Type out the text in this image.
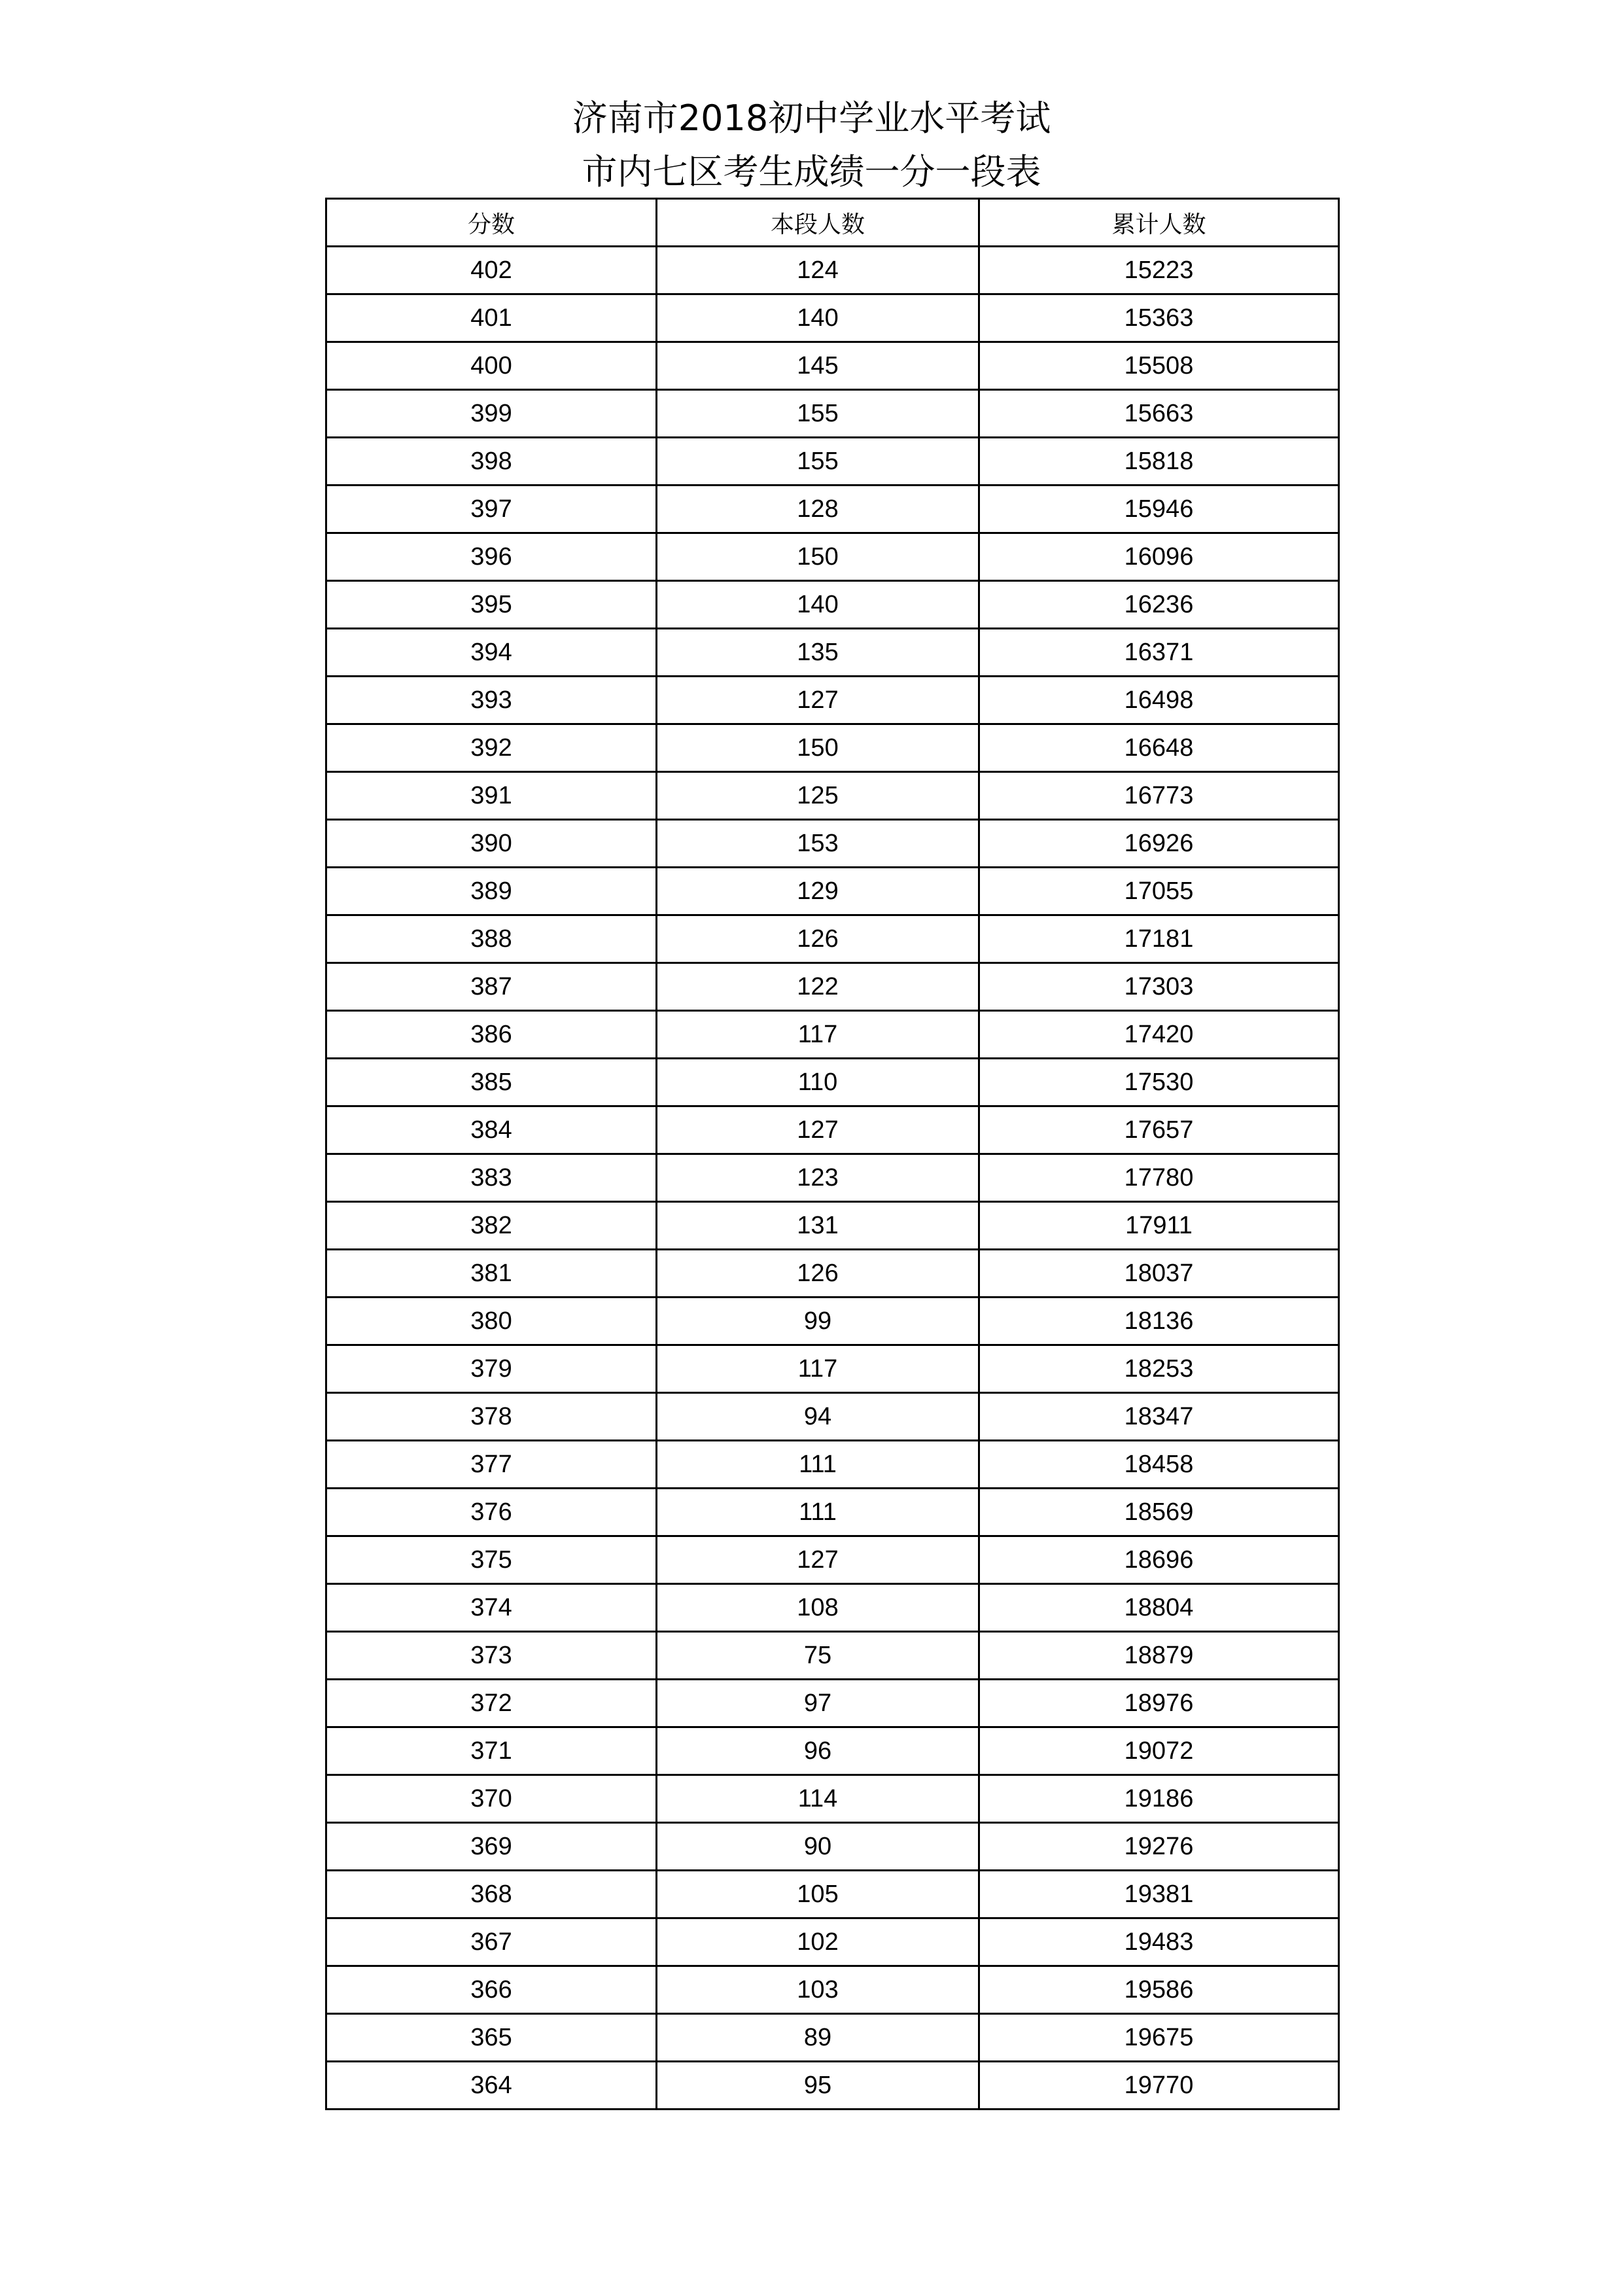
济南市2018初中学业水平考试
市内七区考生成绩一分一段表
分数	本段人数	累计人数
402	124	15223
401	140	15363
400	145	15508
399	155	15663
398	155	15818
397	128	15946
396	150	16096
395	140	16236
394	135	16371
393	127	16498
392	150	16648
391	125	16773
390	153	16926
389	129	17055
388	126	17181
387	122	17303
386	117	17420
385	110	17530
384	127	17657
383	123	17780
382	131	17911
381	126	18037
380	99	18136
379	117	18253
378	94	18347
377	111	18458
376	111	18569
375	127	18696
374	108	18804
373	75	18879
372	97	18976
371	96	19072
370	114	19186
369	90	19276
368	105	19381
367	102	19483
366	103	19586
365	89	19675
364	95	19770
